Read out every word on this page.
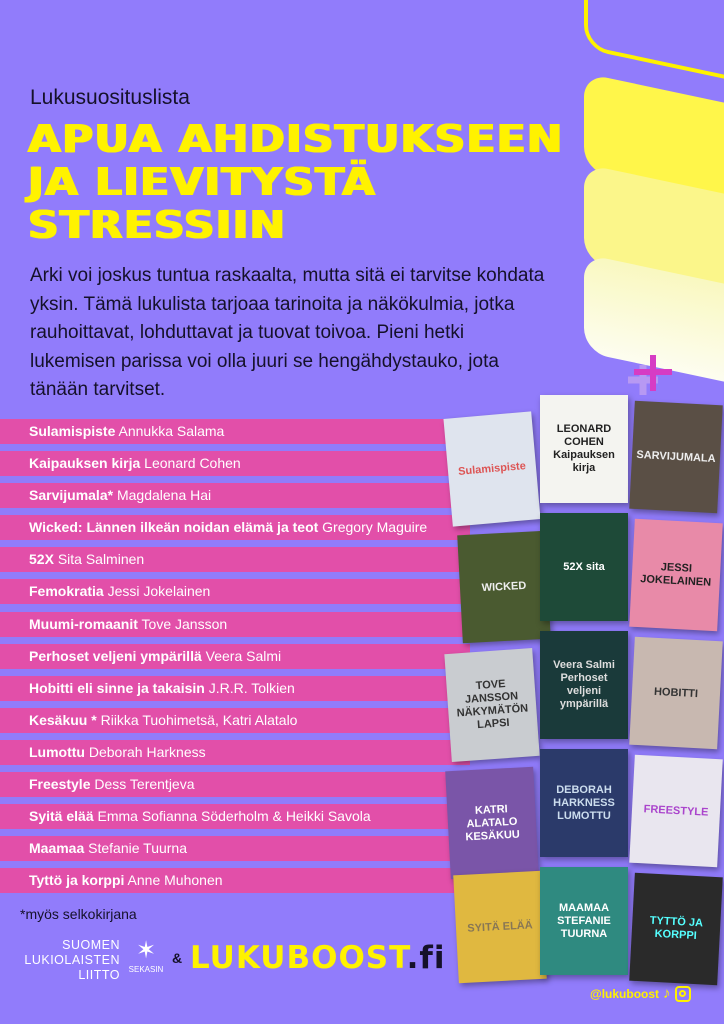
Lukusuosituslista
APUA AHDISTUKSEEN
JA LIEVITYSTÄ
STRESSIIN
Arki voi joskus tuntua raskaalta, mutta sitä ei tarvitse kohdata yksin. Tämä lukulista tarjoaa tarinoita ja näkökulmia, jotka rauhoittavat, lohduttavat ja tuovat toivoa. Pieni hetki lukemisen parissa voi olla juuri se hengähdystauko, jota tänään tarvitset.
Sulamispiste Annukka Salama
Kaipauksen kirja Leonard Cohen
Sarvijumala* Magdalena Hai
Wicked: Lännen ilkeän noidan elämä ja teot Gregory Maguire
52X Sita Salminen
Femokratia Jessi Jokelainen
Muumi-romaanit Tove Jansson
Perhoset veljeni ympärillä Veera Salmi
Hobitti eli sinne ja takaisin J.R.R. Tolkien
Kesäkuu * Riikka Tuohimetsä, Katri Alatalo
Lumottu Deborah Harkness
Freestyle Dess Terentjeva
Syitä elää Emma Sofianna Söderholm & Heikki Savola
Maamaa Stefanie Tuurna
Tyttö ja korppi Anne Muhonen
Sulamispiste
LEONARD COHEN Kaipauksen kirja
SARVIJUMALA
WICKED
52X sita	JESSI JOKELAINEN
TOVE JANSSON NÄKYMÄTÖN LAPSI
Veera Salmi Perhoset veljeni ympärillä
HOBITTI
KATRI ALATALO KESÄKUU
DEBORAH HARKNESS LUMOTTU	FREESTYLE
SYITÄ ELÄÄ
MAAMAA STEFANIE TUURNA
TYTTÖ JA KORPPI
*myös selkokirjana
SUOMEN LUKIOLAISTEN LIITTO
✶
SEKASIN
& LUKUBOOST.fi
@lukuboost ♪
